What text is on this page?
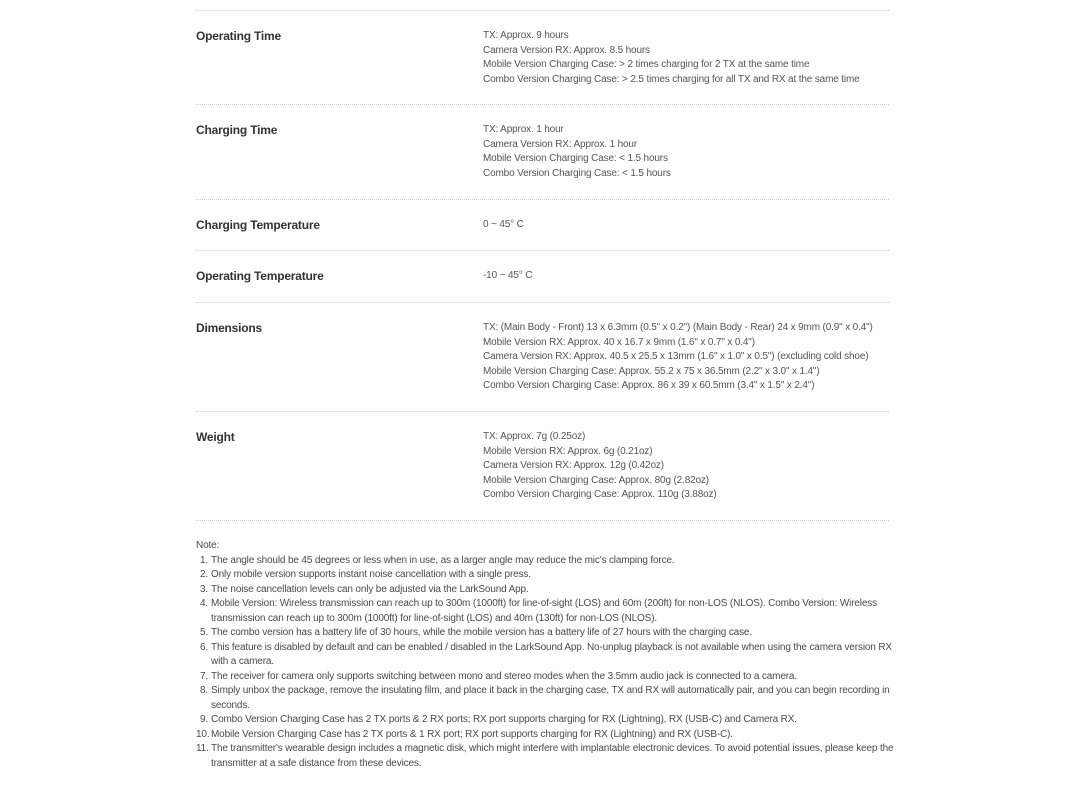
Operating Time	TX: Approx. 9 hours
Camera Version RX: Approx. 8.5 hours
Mobile Version Charging Case: > 2 times charging for 2 TX at the same time
Combo Version Charging Case: > 2.5 times charging for all TX and RX at the same time
Charging Time	TX: Approx. 1 hour
Camera Version RX: Approx. 1 hour
Mobile Version Charging Case: < 1.5 hours
Combo Version Charging Case: < 1.5 hours
Charging Temperature	0 ~ 45° C
Operating Temperature	-10 ~ 45° C
Dimensions	TX: (Main Body - Front) 13 x 6.3mm (0.5" x 0.2") (Main Body - Rear) 24 x 9mm (0.9" x 0.4")
Mobile Version RX: Approx. 40 x 16.7 x 9mm (1.6" x 0.7" x 0.4")
Camera Version RX: Approx. 40.5 x 25.5 x 13mm (1.6" x 1.0" x 0.5") (excluding cold shoe)
Mobile Version Charging Case: Approx. 55.2 x 75 x 36.5mm (2.2" x 3.0" x 1.4")
Combo Version Charging Case: Approx. 86 x 39 x 60.5mm (3.4" x 1.5" x 2.4")
Weight	TX: Approx. 7g (0.25oz)
Mobile Version RX: Approx. 6g (0.21oz)
Camera Version RX: Approx. 12g (0.42oz)
Mobile Version Charging Case: Approx. 80g (2.82oz)
Combo Version Charging Case: Approx. 110g (3.88oz)
Note:
1. The angle should be 45 degrees or less when in use, as a larger angle may reduce the mic's clamping force.
2. Only mobile version supports instant noise cancellation with a single press.
3. The noise cancellation levels can only be adjusted via the LarkSound App.
4. Mobile Version: Wireless transmission can reach up to 300m (1000ft) for line-of-sight (LOS) and 60m (200ft) for non-LOS (NLOS). Combo Version: Wireless transmission can reach up to 300m (1000ft) for line-of-sight (LOS) and 40m (130ft) for non-LOS (NLOS).
5. The combo version has a battery life of 30 hours, while the mobile version has a battery life of 27 hours with the charging case.
6. This feature is disabled by default and can be enabled / disabled in the LarkSound App. No-unplug playback is not available when using the camera version RX with a camera.
7. The receiver for camera only supports switching between mono and stereo modes when the 3.5mm audio jack is connected to a camera.
8. Simply unbox the package, remove the insulating film, and place it back in the charging case, TX and RX will automatically pair, and you can begin recording in seconds.
9. Combo Version Charging Case has 2 TX ports & 2 RX ports; RX port supports charging for RX (Lightning), RX (USB-C) and Camera RX.
10. Mobile Version Charging Case has 2 TX ports & 1 RX port; RX port supports charging for RX (Lightning) and RX (USB-C).
11. The transmitter's wearable design includes a magnetic disk, which might interfere with implantable electronic devices. To avoid potential issues, please keep the transmitter at a safe distance from these devices.
